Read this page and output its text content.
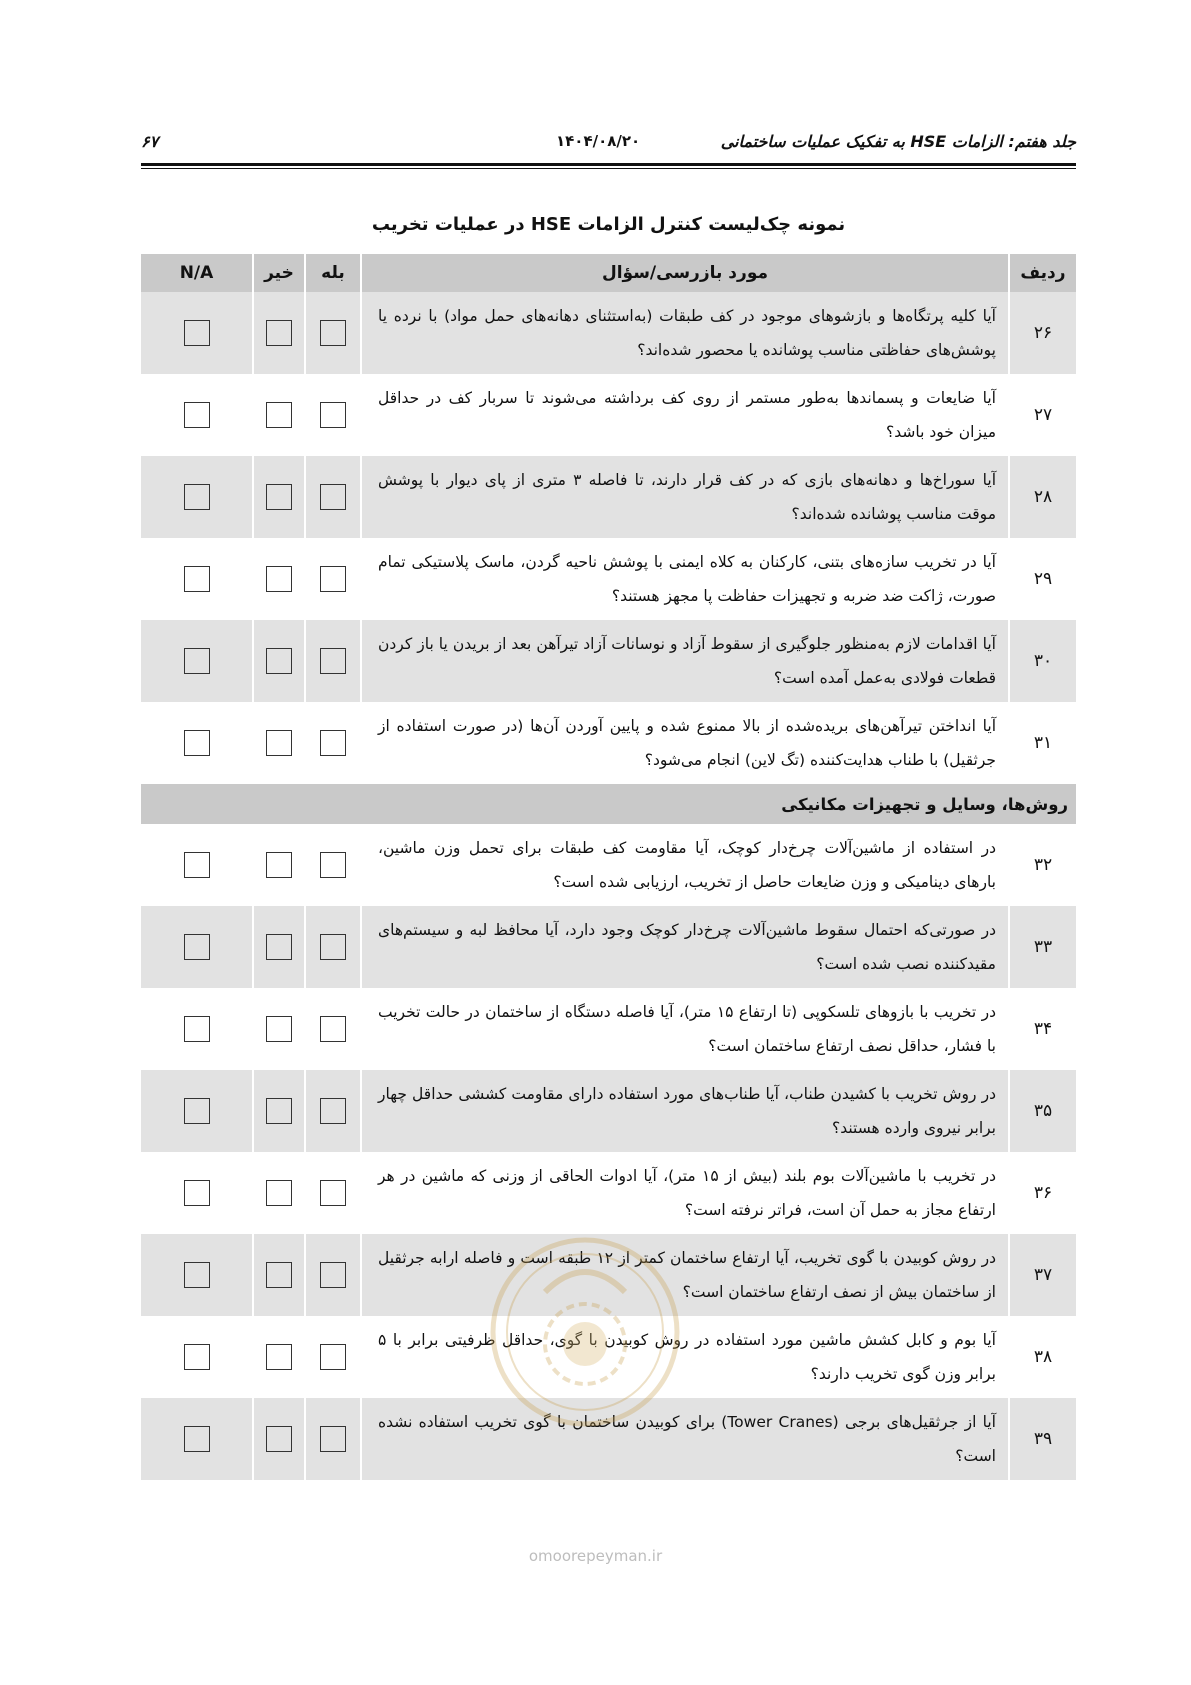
جلد هفتم: الزامات HSE به تفکیک عملیات ساختمانی
۱۴۰۴/۰۸/۲۰
۶۷
نمونه چک‌لیست کنترل الزامات HSE در عملیات تخریب
ردیف	مورد بازرسی/سؤال	بله	خیر	N/A
۲۶	آیا کلیه پرتگاه‌ها و بازشوهای موجود در کف طبقات (به‌استثنای دهانه‌های حمل مواد) با نرده یا پوشش‌های حفاظتی مناسب پوشانده یا محصور شده‌اند؟	

۲۷	آیا ضایعات و پسماندها به‌طور مستمر از روی کف برداشته می‌شوند تا سربار کف در حداقل میزان خود باشد؟	

۲۸	آیا سوراخ‌ها و دهانه‌های بازی که در کف قرار دارند، تا فاصله ۳ متری از پای دیوار با پوشش موقت مناسب پوشانده شده‌اند؟	

۲۹	آیا در تخریب سازه‌های بتنی، کارکنان به کلاه ایمنی با پوشش ناحیه گردن، ماسک پلاستیکی تمام صورت، ژاکت ضد ضربه و تجهیزات حفاظت پا مجهز هستند؟	

۳۰	آیا اقدامات لازم به‌منظور جلوگیری از سقوط آزاد و نوسانات آزاد تیرآهن بعد از بریدن یا باز کردن قطعات فولادی به‌عمل آمده است؟	

۳۱	آیا انداختن تیرآهن‌های بریده‌شده از بالا ممنوع شده و پایین آوردن آن‌ها (در صورت استفاده از جرثقیل) با طناب هدایت‌کننده (تگ لاین) انجام می‌شود؟	

روش‌ها، وسایل و تجهیزات مکانیکی				
۳۲	در استفاده از ماشین‌آلات چرخ‌دار کوچک، آیا مقاومت کف طبقات برای تحمل وزن ماشین، بارهای دینامیکی و وزن ضایعات حاصل از تخریب، ارزیابی شده است؟	

۳۳	در صورتی‌که احتمال سقوط ماشین‌آلات چرخ‌دار کوچک وجود دارد، آیا محافظ لبه و سیستم‌های مقیدکننده نصب شده است؟	

۳۴	در تخریب با بازوهای تلسکوپی (تا ارتفاع ۱۵ متر)، آیا فاصله دستگاه از ساختمان در حالت تخریب با فشار، حداقل نصف ارتفاع ساختمان است؟	

۳۵	در روش تخریب با کشیدن طناب، آیا طناب‌های مورد استفاده دارای مقاومت کششی حداقل چهار برابر نیروی وارده هستند؟	

۳۶	در تخریب با ماشین‌آلات بوم بلند (بیش از ۱۵ متر)، آیا ادوات الحاقی از وزنی که ماشین در هر ارتفاع مجاز به حمل آن است، فراتر نرفته است؟	

۳۷	در روش کوبیدن با گوی تخریب، آیا ارتفاع ساختمان کمتر از ۱۲ طبقه است و فاصله ارابه جرثقیل از ساختمان بیش از نصف ارتفاع ساختمان است؟	

۳۸	آیا بوم و کابل کشش ماشین مورد استفاده در روش کوبیدن با گوی، حداقل ظرفیتی برابر با ۵ برابر وزن گوی تخریب دارند؟	

۳۹	آیا از جرثقیل‌های برجی (Tower Cranes) برای کوبیدن ساختمان با گوی تخریب استفاده نشده است؟	

omoorepeyman.ir
